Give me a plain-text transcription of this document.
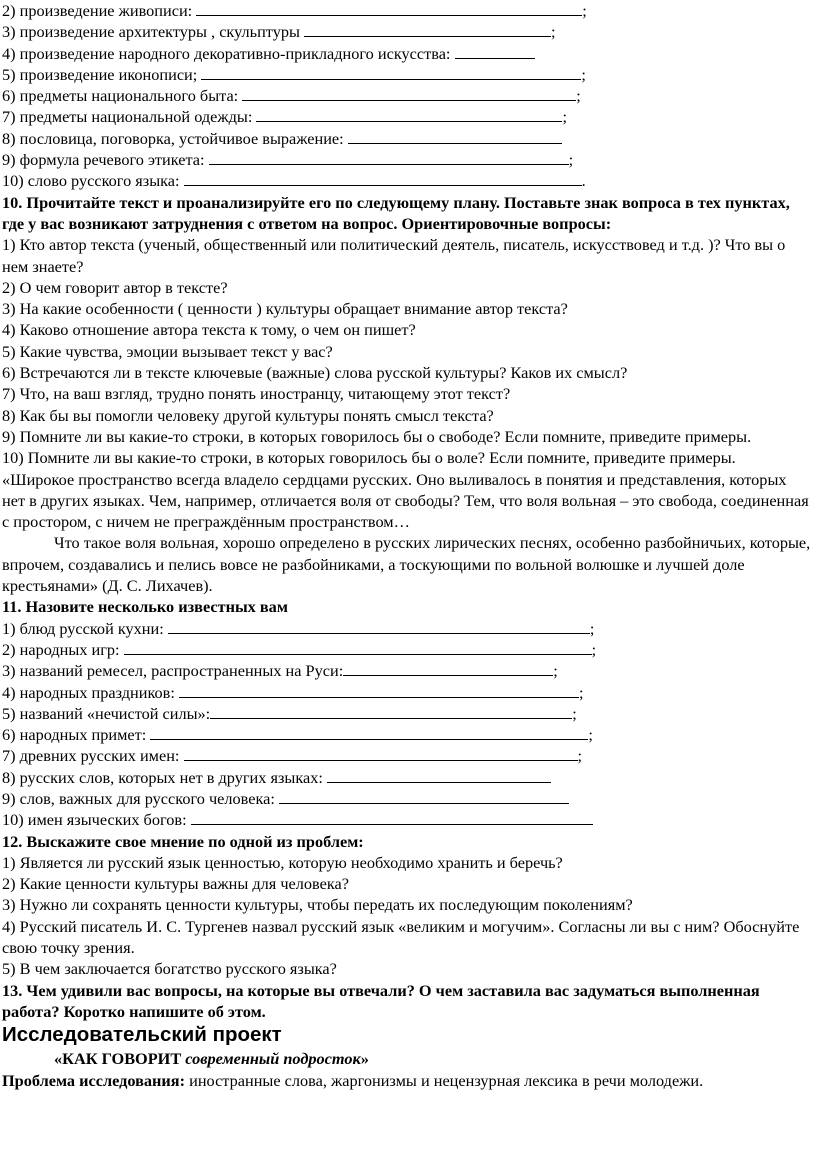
2) произведение живописи:	;
3) произведение архитектуры , скульптуры	;
4) произведение народного декоративно-прикладного искусства:
5) произведение иконописи;	;
6) предметы национального быта:	;
7) предметы национальной одежды:	;
8) пословица, поговорка, устойчивое выражение:
9) формула речевого этикета:	;
10) слово русского языка:	.
10. Прочитайте текст и проанализируйте его по следующему плану. Поставьте знак вопроса в тех пунктах, где у вас возникают затруднения с ответом на вопрос. Ориентировочные вопросы:
1) Кто автор текста (ученый, общественный или политический деятель, писатель, искусствовед и т.д. )? Что вы о нем знаете?
2) О чем говорит автор в тексте?
3) На какие особенности ( ценности ) культуры обращает внимание автор текста?
4) Каково отношение автора текста к тому, о чем он пишет?
5) Какие чувства, эмоции вызывает текст у вас?
6) Встречаются ли в тексте ключевые (важные) слова русской культуры? Каков их смысл?
7) Что, на ваш взгляд, трудно понять иностранцу, читающему этот текст?
8) Как бы вы помогли человеку другой культуры понять смысл текста?
9) Помните ли вы какие-то строки, в которых говорилось бы о свободе? Если помните, приведите примеры.
10) Помните ли вы какие-то строки, в которых говорилось бы о воле? Если помните, приведите примеры.
«Широкое пространство всегда владело сердцами русских. Оно выливалось в понятия и представления, которых нет в других языках. Чем, например, отличается воля от свободы? Тем, что воля вольная – это свобода, соединенная с простором, с ничем не преграждённым пространством…
Что такое воля вольная, хорошо определено в русских лирических песнях, особенно разбойничьих, которые, впрочем, создавались и пелись вовсе не разбойниками, а тоскующими по вольной волюшке и лучшей доле крестьянами» (Д. С. Лихачев).
11. Назовите несколько известных вам
1) блюд русской кухни:	;
2) народных игр:	;
3) названий ремесел, распространенных на Руси:	;
4) народных праздников:	;
5) названий «нечистой силы»:	;
6) народных примет:	;
7) древних русских имен:	;
8) русских слов, которых нет в других языках:
9) слов, важных для русского человека:
10) имен языческих богов:
12. Выскажите свое мнение по одной из проблем:
1) Является ли русский язык ценностью, которую необходимо хранить и беречь?
2) Какие ценности культуры важны для человека?
3) Нужно ли сохранять ценности культуры, чтобы передать их последующим поколениям?
4) Русский писатель И. С. Тургенев назвал русский язык «великим и могучим». Согласны ли вы с ним? Обоснуйте свою точку зрения.
5) В чем заключается богатство русского языка?
13. Чем удивили вас вопросы, на которые вы отвечали? О чем заставила вас задуматься выполненная работа? Коротко напишите об этом.
Исследовательский проект
«КАК ГОВОРИТ современный подросток»
Проблема исследования: иностранные слова, жаргонизмы и нецензурная лексика в речи молодежи.
